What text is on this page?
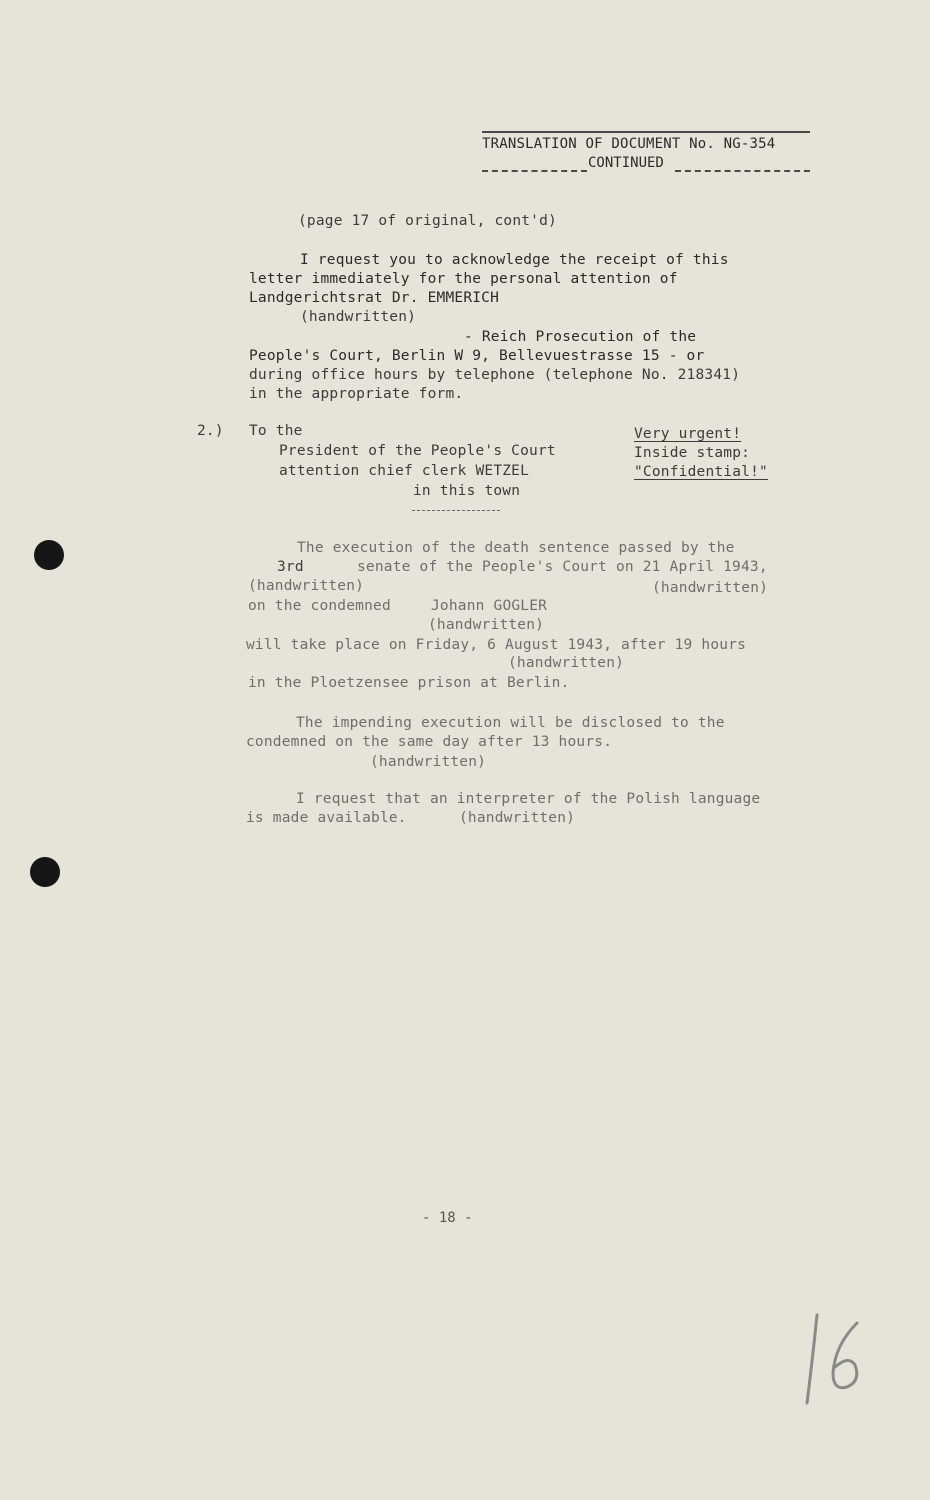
TRANSLATION OF DOCUMENT No. NG-354
CONTINUED
(page 17 of original, cont'd)
I request you to acknowledge the receipt of this
letter immediately for the personal attention of
Landgerichtsrat Dr. EMMERICH
(handwritten)
- Reich Prosecution of the
People's Court, Berlin W 9, Bellevuestrasse 15 - or
during office hours by telephone (telephone No. 218341)
in the appropriate form.
2.) To the
President of the People's Court
attention chief clerk WETZEL
in this town
Very urgent!
Inside stamp:
"Confidential!"
The execution of the death sentence passed by the
3rd	senate of the People's Court on 21 April 1943,
(handwritten)	(handwritten)
on the condemned	Johann GOGLER
(handwritten)
will take place on Friday, 6 August 1943, after 19 hours
(handwritten)
in the Ploetzensee prison at Berlin.
The impending execution will be disclosed to the
condemned on the same day after 13 hours.
(handwritten)
I request that an interpreter of the Polish language
is made available.	(handwritten)
- 18 -
